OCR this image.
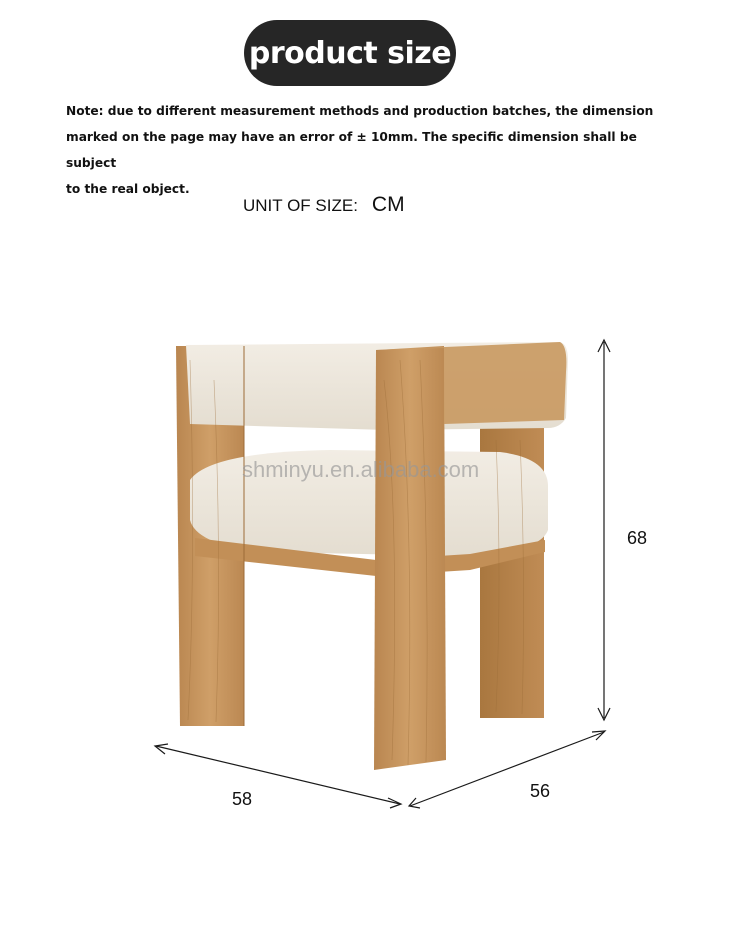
product size
Note: due to different measurement methods and production batches, the dimension
marked on the page may have an error of ± 10mm. The specific dimension shall be subject
to the real object.
UNIT OF SIZE: CM
shminyu.en.alibaba.com
68
58	56
